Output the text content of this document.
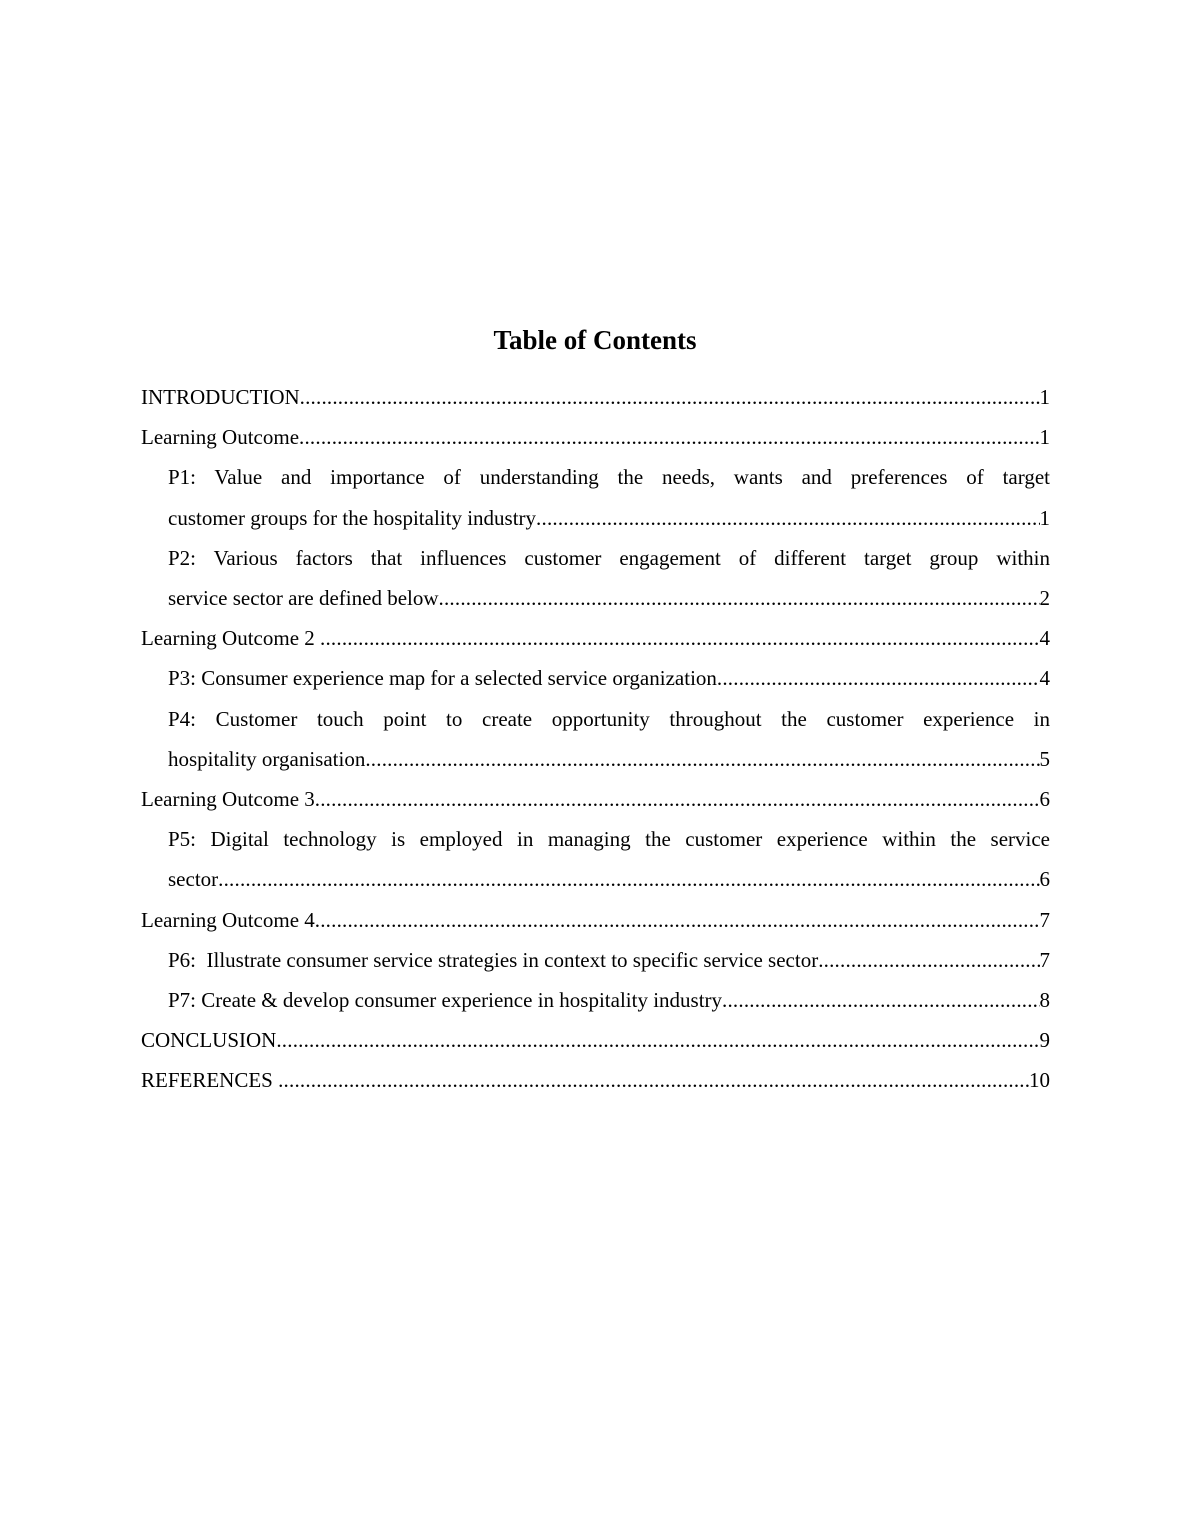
Table of Contents
INTRODUCTION .....	1
Learning Outcome .....	1
P1: Value and importance of understanding the needs, wants and preferences of target
customer groups for the hospitality industry .....	1
P2: Various factors that influences customer engagement of different target group within
service sector are defined below .....	2
Learning Outcome 2 .....	4
P3: Consumer experience map for a selected service organization .....	4
P4: Customer touch point to create opportunity throughout the customer experience in
hospitality organisation .....	5
Learning Outcome 3 .....	6
P5: Digital technology is employed in managing the customer experience within the service
sector .....	6
Learning Outcome 4 .....	7
P6:  Illustrate consumer service strategies in context to specific service sector .....	7
P7: Create & develop consumer experience in hospitality industry .....	8
CONCLUSION .....	9
REFERENCES .....	10
